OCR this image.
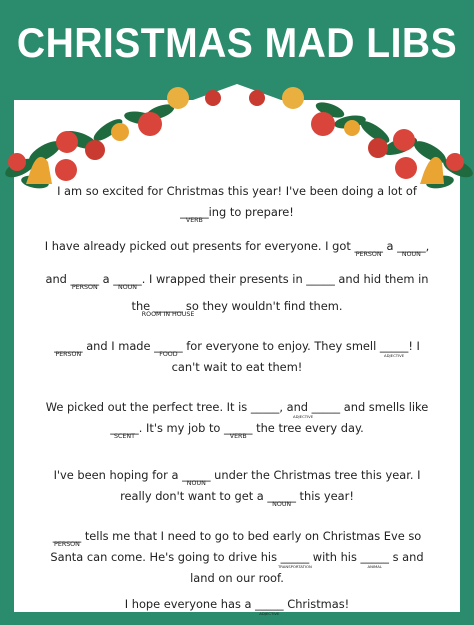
CHRISTMAS MAD LIBS
I am so excited for Christmas this year! I've been doing a lot of
_____
VERB
ing to prepare!
I have already picked out presents for everyone. I got _____
PERSON
a _____
NOUN
,
and _____
PERSON
a _____
NOUN
. I wrapped their presents in _____ and hid them in
the _____
ROOM IN HOUSE
so they wouldn't find them.
_____
PERSON
and I made _____
FOOD
for everyone to enjoy. They smell _____
ADJECTIVE
! I
can't wait to eat them!
We picked out the perfect tree. It is _____, and _____
ADJECTIVE
and smells like
_____
SCENT
. It's my job to _____
VERB
the tree every day.
I've been hoping for a _____
NOUN
under the Christmas tree this year. I
really don't want to get a _____
NOUN
this year!
_____
PERSON
tells me that I need to go to bed early on Christmas Eve so
Santa can come. He's going to drive his _____
TRANSPORTATION
with his _____
ANIMAL
s and
land on our roof.
I hope everyone has a _____
ADJECTIVE
Christmas!
